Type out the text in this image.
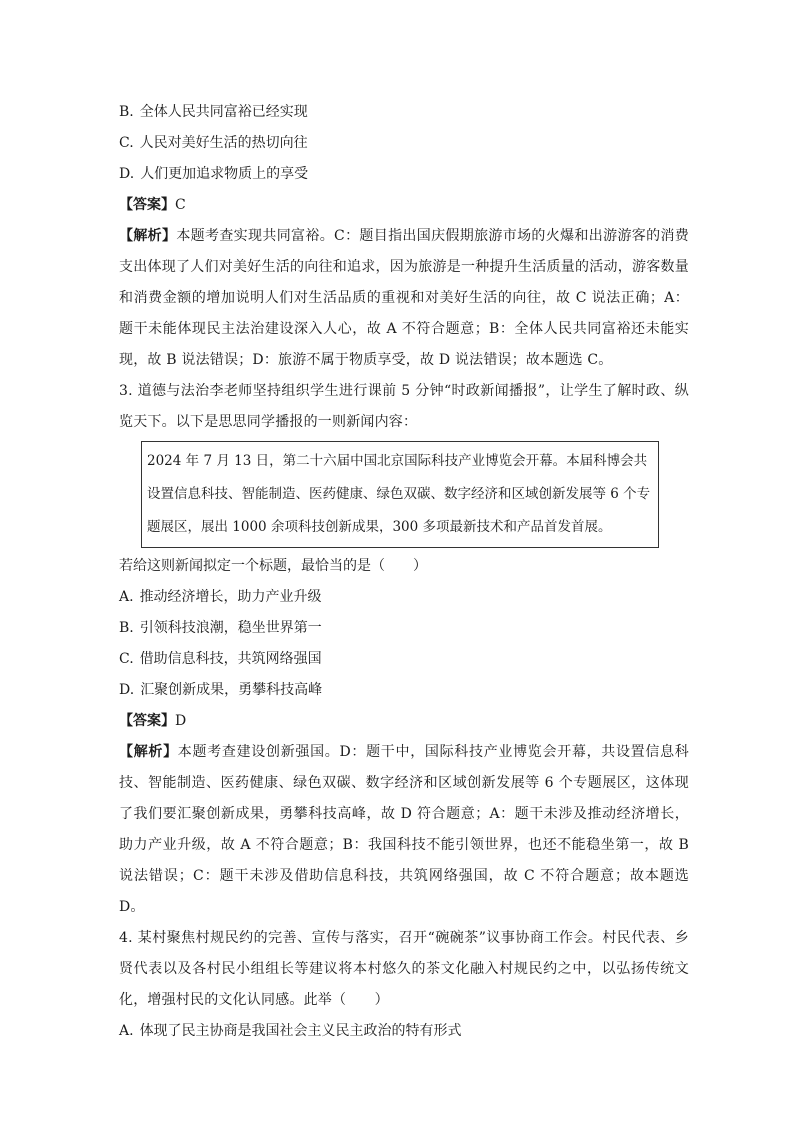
B. 全体人民共同富裕已经实现
C. 人民对美好生活的热切向往
D. 人们更加追求物质上的享受
【答案】C
【解析】本题考查实现共同富裕。C：题目指出国庆假期旅游市场的火爆和出游游客的消费支出体现了人们对美好生活的向往和追求，因为旅游是一种提升生活质量的活动，游客数量和消费金额的增加说明人们对生活品质的重视和对美好生活的向往，故 C 说法正确；A：题干未能体现民主法治建设深入人心，故 A 不符合题意；B：全体人民共同富裕还未能实现，故 B 说法错误；D：旅游不属于物质享受，故 D 说法错误；故本题选 C。
3. 道德与法治李老师坚持组织学生进行课前 5 分钟“时政新闻播报”，让学生了解时政、纵览天下。以下是思思同学播报的一则新闻内容：
2024 年 7 月 13 日，第二十六届中国北京国际科技产业博览会开幕。本届科博会共设置信息科技、智能制造、医药健康、绿色双碳、数字经济和区域创新发展等 6 个专题展区，展出 1000 余项科技创新成果，300 多项最新技术和产品首发首展。
若给这则新闻拟定一个标题，最恰当的是（　　）
A. 推动经济增长，助力产业升级
B. 引领科技浪潮，稳坐世界第一
C. 借助信息科技，共筑网络强国
D. 汇聚创新成果，勇攀科技高峰
【答案】D
【解析】本题考查建设创新强国。D：题干中，国际科技产业博览会开幕，共设置信息科技、智能制造、医药健康、绿色双碳、数字经济和区域创新发展等 6 个专题展区，这体现了我们要汇聚创新成果，勇攀科技高峰，故 D 符合题意；A：题干未涉及推动经济增长，助力产业升级，故 A 不符合题意；B：我国科技不能引领世界，也还不能稳坐第一，故 B 说法错误；C：题干未涉及借助信息科技，共筑网络强国，故 C 不符合题意；故本题选 D。
4. 某村聚焦村规民约的完善、宣传与落实，召开“碗碗茶”议事协商工作会。村民代表、乡贤代表以及各村民小组组长等建议将本村悠久的茶文化融入村规民约之中，以弘扬传统文化，增强村民的文化认同感。此举（　　）
A. 体现了民主协商是我国社会主义民主政治的特有形式
